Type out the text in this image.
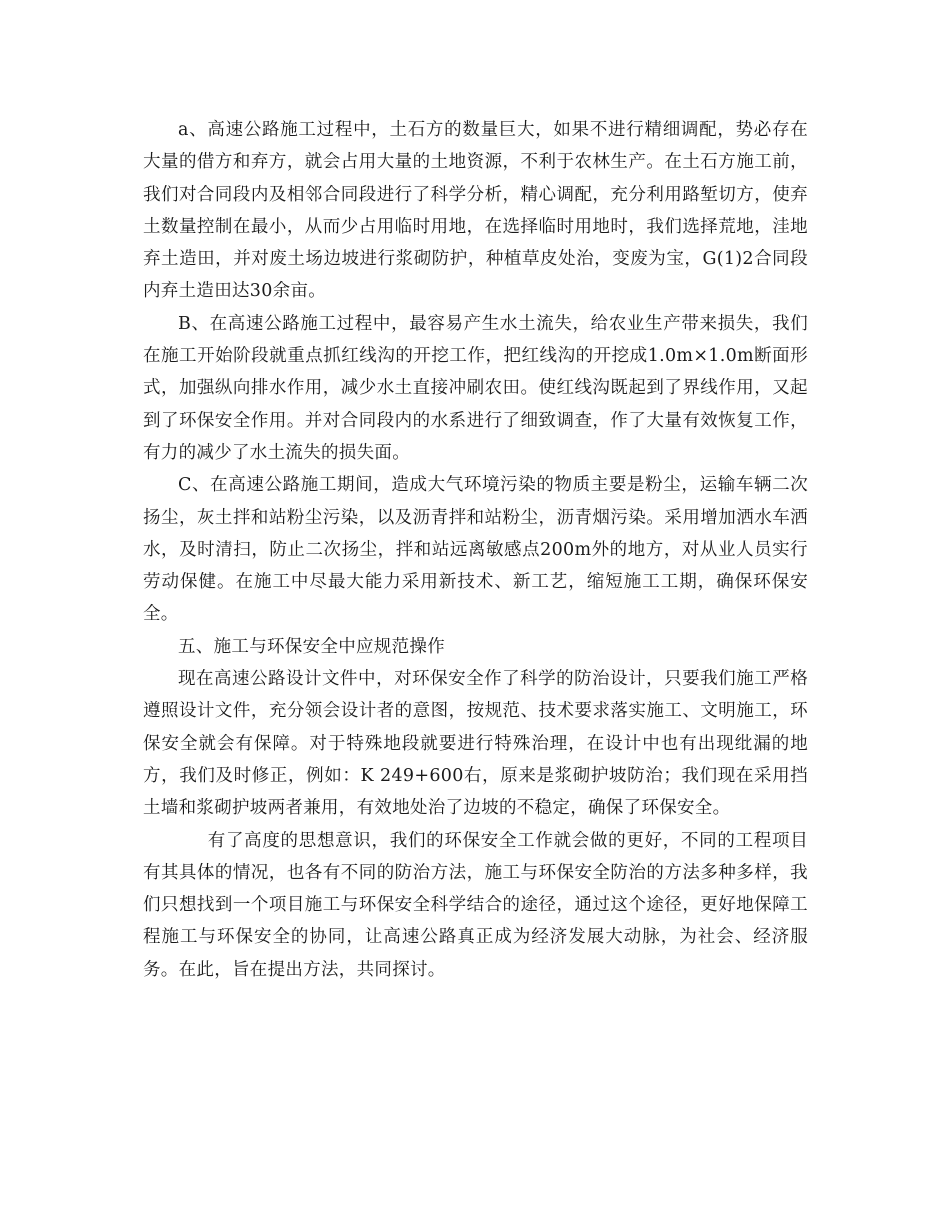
a、高速公路施工过程中，土石方的数量巨大，如果不进行精细调配，势必存在大量的借方和弃方，就会占用大量的土地资源，不利于农林生产。在土石方施工前，我们对合同段内及相邻合同段进行了科学分析，精心调配，充分利用路堑切方，使弃土数量控制在最小，从而少占用临时用地，在选择临时用地时，我们选择荒地，洼地弃土造田，并对废土场边坡进行浆砌防护，种植草皮处治，变废为宝，G(1)2合同段内弃土造田达30余亩。

B、在高速公路施工过程中，最容易产生水土流失，给农业生产带来损失，我们在施工开始阶段就重点抓红线沟的开挖工作，把红线沟的开挖成1.0m×1.0m断面形式，加强纵向排水作用，减少水土直接冲刷农田。使红线沟既起到了界线作用，又起到了环保安全作用。并对合同段内的水系进行了细致调查，作了大量有效恢复工作，有力的减少了水土流失的损失面。

C、在高速公路施工期间，造成大气环境污染的物质主要是粉尘，运输车辆二次扬尘，灰土拌和站粉尘污染，以及沥青拌和站粉尘，沥青烟污染。采用增加洒水车洒水，及时清扫，防止二次扬尘，拌和站远离敏感点200m外的地方，对从业人员实行劳动保健。在施工中尽最大能力采用新技术、新工艺，缩短施工工期，确保环保安全。

五、施工与环保安全中应规范操作

现在高速公路设计文件中，对环保安全作了科学的防治设计，只要我们施工严格遵照设计文件，充分领会设计者的意图，按规范、技术要求落实施工、文明施工，环保安全就会有保障。对于特殊地段就要进行特殊治理，在设计中也有出现纰漏的地方，我们及时修正，例如：K 249+600右，原来是浆砌护坡防治；我们现在采用挡土墙和浆砌护坡两者兼用，有效地处治了边坡的不稳定，确保了环保安全。

有了高度的思想意识，我们的环保安全工作就会做的更好，不同的工程项目有其具体的情况，也各有不同的防治方法，施工与环保安全防治的方法多种多样，我们只想找到一个项目施工与环保安全科学结合的途径，通过这个途径，更好地保障工程施工与环保安全的协同，让高速公路真正成为经济发展大动脉，为社会、经济服务。在此，旨在提出方法，共同探讨。
